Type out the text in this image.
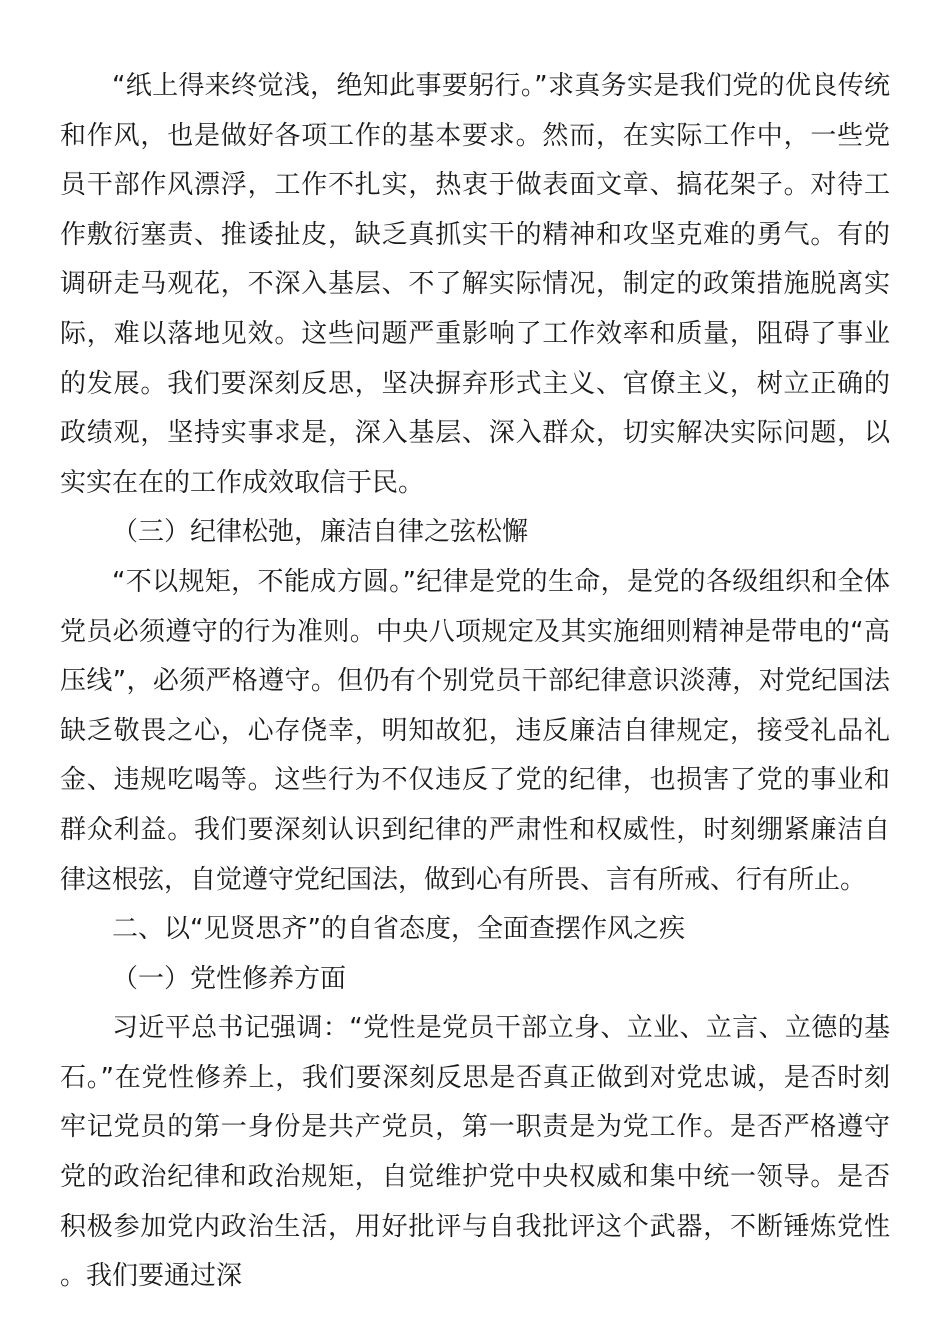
“纸上得来终觉浅，绝知此事要躬行。”求真务实是我们党的优良传统和作风，也是做好各项工作的基本要求。然而，在实际工作中，一些党员干部作风漂浮，工作不扎实，热衷于做表面文章、搞花架子。对待工作敷衍塞责、推诿扯皮，缺乏真抓实干的精神和攻坚克难的勇气。有的调研走马观花，不深入基层、不了解实际情况，制定的政策措施脱离实际，难以落地见效。这些问题严重影响了工作效率和质量，阻碍了事业的发展。我们要深刻反思，坚决摒弃形式主义、官僚主义，树立正确的政绩观，坚持实事求是，深入基层、深入群众，切实解决实际问题，以实实在在的工作成效取信于民。

（三）纪律松弛，廉洁自律之弦松懈

“不以规矩，不能成方圆。”纪律是党的生命，是党的各级组织和全体党员必须遵守的行为准则。中央八项规定及其实施细则精神是带电的“高压线”，必须严格遵守。但仍有个别党员干部纪律意识淡薄，对党纪国法缺乏敬畏之心，心存侥幸，明知故犯，违反廉洁自律规定，接受礼品礼金、违规吃喝等。这些行为不仅违反了党的纪律，也损害了党的事业和群众利益。我们要深刻认识到纪律的严肃性和权威性，时刻绷紧廉洁自律这根弦，自觉遵守党纪国法，做到心有所畏、言有所戒、行有所止。

二、以“见贤思齐”的自省态度，全面查摆作风之疾

（一）党性修养方面

习近平总书记强调：“党性是党员干部立身、立业、立言、立德的基石。”在党性修养上，我们要深刻反思是否真正做到对党忠诚，是否时刻牢记党员的第一身份是共产党员，第一职责是为党工作。是否严格遵守党的政治纪律和政治规矩，自觉维护党中央权威和集中统一领导。是否积极参加党内政治生活，用好批评与自我批评这个武器，不断锤炼党性。我们要通过深
